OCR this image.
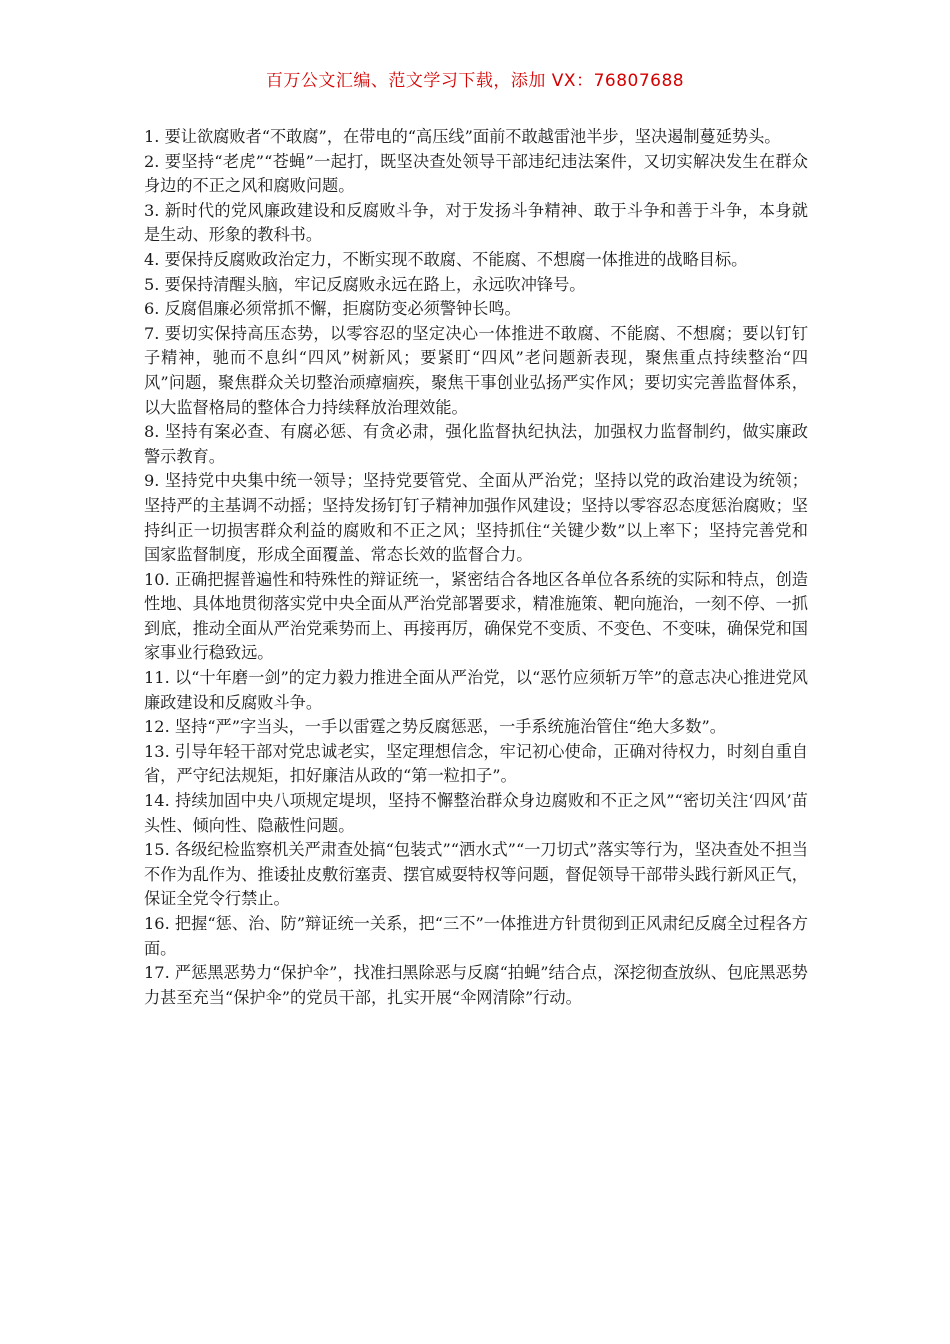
百万公文汇编、范文学习下载，添加 VX：76807688

1. 要让欲腐败者“不敢腐”，在带电的“高压线”面前不敢越雷池半步，坚决遏制蔓延势头。

2. 要坚持“老虎”“苍蝇”一起打，既坚决查处领导干部违纪违法案件，又切实解决发生在群众身边的不正之风和腐败问题。

3. 新时代的党风廉政建设和反腐败斗争，对于发扬斗争精神、敢于斗争和善于斗争，本身就是生动、形象的教科书。

4. 要保持反腐败政治定力，不断实现不敢腐、不能腐、不想腐一体推进的战略目标。

5. 要保持清醒头脑，牢记反腐败永远在路上，永远吹冲锋号。

6. 反腐倡廉必须常抓不懈，拒腐防变必须警钟长鸣。

7. 要切实保持高压态势，以零容忍的坚定决心一体推进不敢腐、不能腐、不想腐；要以钉钉子精神，驰而不息纠“四风”树新风；要紧盯“四风”老问题新表现，聚焦重点持续整治“四风”问题，聚焦群众关切整治顽瘴痼疾，聚焦干事创业弘扬严实作风；要切实完善监督体系，以大监督格局的整体合力持续释放治理效能。

8. 坚持有案必查、有腐必惩、有贪必肃，强化监督执纪执法，加强权力监督制约，做实廉政警示教育。

9. 坚持党中央集中统一领导；坚持党要管党、全面从严治党；坚持以党的政治建设为统领；坚持严的主基调不动摇；坚持发扬钉钉子精神加强作风建设；坚持以零容忍态度惩治腐败；坚持纠正一切损害群众利益的腐败和不正之风；坚持抓住“关键少数”以上率下；坚持完善党和国家监督制度，形成全面覆盖、常态长效的监督合力。

10. 正确把握普遍性和特殊性的辩证统一，紧密结合各地区各单位各系统的实际和特点，创造性地、具体地贯彻落实党中央全面从严治党部署要求，精准施策、靶向施治，一刻不停、一抓到底，推动全面从严治党乘势而上、再接再厉，确保党不变质、不变色、不变味，确保党和国家事业行稳致远。

11. 以“十年磨一剑”的定力毅力推进全面从严治党，以“恶竹应须斩万竿”的意志决心推进党风廉政建设和反腐败斗争。

12. 坚持“严”字当头，一手以雷霆之势反腐惩恶，一手系统施治管住“绝大多数”。

13. 引导年轻干部对党忠诚老实，坚定理想信念，牢记初心使命，正确对待权力，时刻自重自省，严守纪法规矩，扣好廉洁从政的“第一粒扣子”。

14. 持续加固中央八项规定堤坝，坚持不懈整治群众身边腐败和不正之风”“密切关注‘四风’苗头性、倾向性、隐蔽性问题。

15. 各级纪检监察机关严肃查处搞“包装式”“洒水式”“一刀切式”落实等行为，坚决查处不担当不作为乱作为、推诿扯皮敷衍塞责、摆官威耍特权等问题，督促领导干部带头践行新风正气，保证全党令行禁止。

16. 把握“惩、治、防”辩证统一关系，把“三不”一体推进方针贯彻到正风肃纪反腐全过程各方面。

17. 严惩黑恶势力“保护伞”，找准扫黑除恶与反腐“拍蝇”结合点，深挖彻查放纵、包庇黑恶势力甚至充当“保护伞”的党员干部，扎实开展“伞网清除”行动。
